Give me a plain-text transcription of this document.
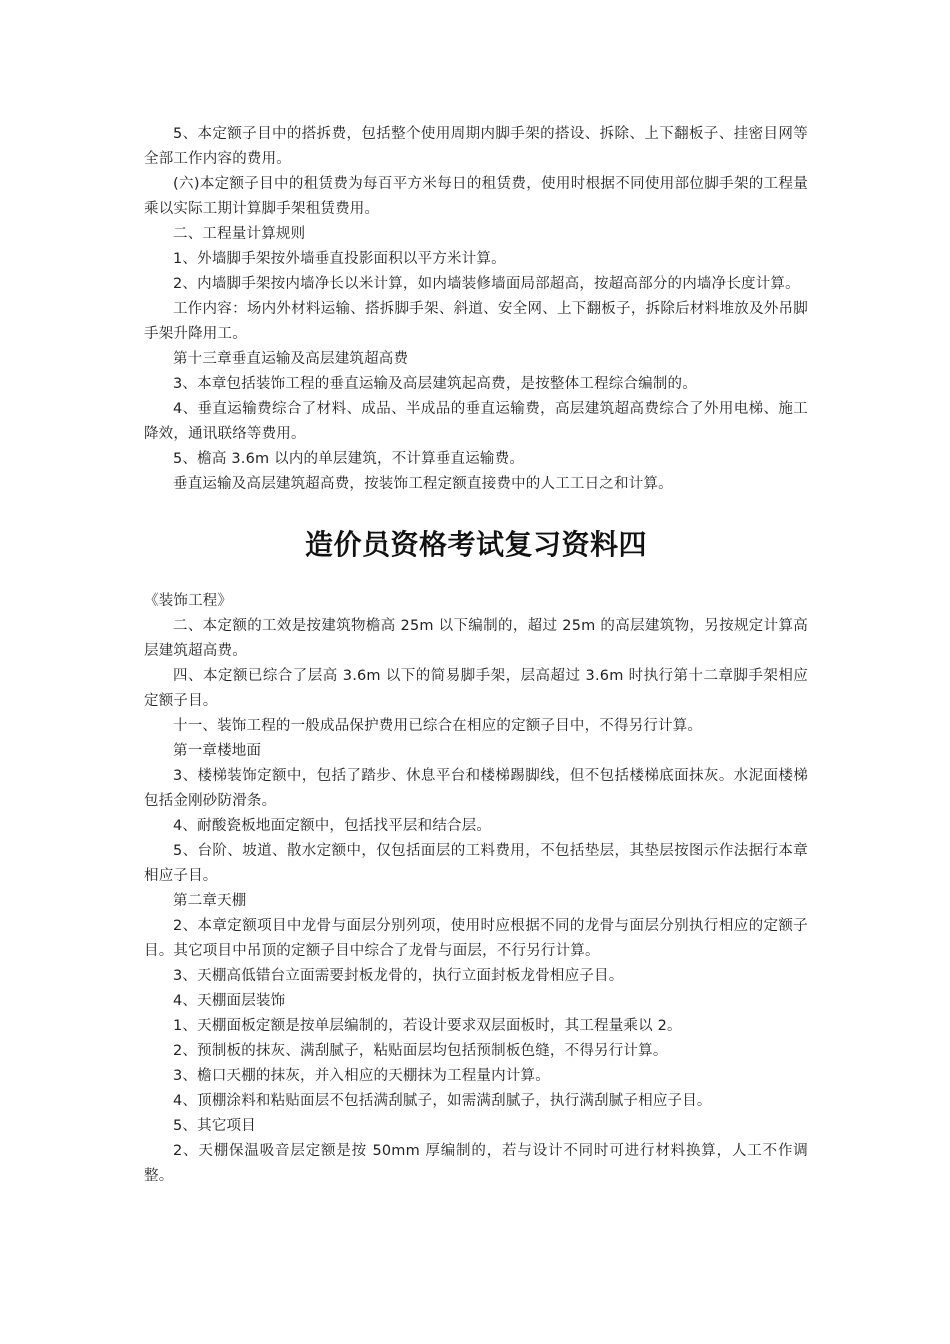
5、本定额子目中的搭拆费，包括整个使用周期内脚手架的搭设、拆除、上下翻板子、挂密目网等全部工作内容的费用。

(六)本定额子目中的租赁费为每百平方米每日的租赁费，使用时根据不同使用部位脚手架的工程量乘以实际工期计算脚手架租赁费用。

二、工程量计算规则

1、外墙脚手架按外墙垂直投影面积以平方米计算。

2、内墙脚手架按内墙净长以米计算，如内墙装修墙面局部超高，按超高部分的内墙净长度计算。

工作内容：场内外材料运输、搭拆脚手架、斜道、安全网、上下翻板子，拆除后材料堆放及外吊脚手架升降用工。

第十三章垂直运输及高层建筑超高费

3、本章包括装饰工程的垂直运输及高层建筑起高费，是按整体工程综合编制的。

4、垂直运输费综合了材料、成品、半成品的垂直运输费，高层建筑超高费综合了外用电梯、施工降效，通讯联络等费用。

5、檐高 3.6m 以内的单层建筑，不计算垂直运输费。

垂直运输及高层建筑超高费，按装饰工程定额直接费中的人工工日之和计算。

造价员资格考试复习资料四

《装饰工程》

二、本定额的工效是按建筑物檐高 25m 以下编制的，超过 25m 的高层建筑物，另按规定计算高层建筑超高费。

四、本定额已综合了层高 3.6m 以下的简易脚手架，层高超过 3.6m 时执行第十二章脚手架相应定额子目。

十一、装饰工程的一般成品保护费用已综合在相应的定额子目中，不得另行计算。

第一章楼地面

3、楼梯装饰定额中，包括了踏步、休息平台和楼梯踢脚线，但不包括楼梯底面抹灰。水泥面楼梯包括金刚砂防滑条。

4、耐酸瓷板地面定额中，包括找平层和结合层。

5、台阶、坡道、散水定额中，仅包括面层的工料费用，不包括垫层，其垫层按图示作法据行本章相应子目。

第二章天棚

2、本章定额项目中龙骨与面层分别列项，使用时应根据不同的龙骨与面层分别执行相应的定额子目。其它项目中吊顶的定额子目中综合了龙骨与面层，不行另行计算。

3、天棚高低错台立面需要封板龙骨的，执行立面封板龙骨相应子目。

4、天棚面层装饰

1、天棚面板定额是按单层编制的，若设计要求双层面板时，其工程量乘以 2。

2、预制板的抹灰、满刮腻子，粘贴面层均包括预制板色缝，不得另行计算。

3、檐口天棚的抹灰，并入相应的天棚抹为工程量内计算。

4、顶棚涂料和粘贴面层不包括满刮腻子，如需满刮腻子，执行满刮腻子相应子目。

5、其它项目

2、天棚保温吸音层定额是按 50mm 厚编制的，若与设计不同时可进行材料换算，人工不作调整。
